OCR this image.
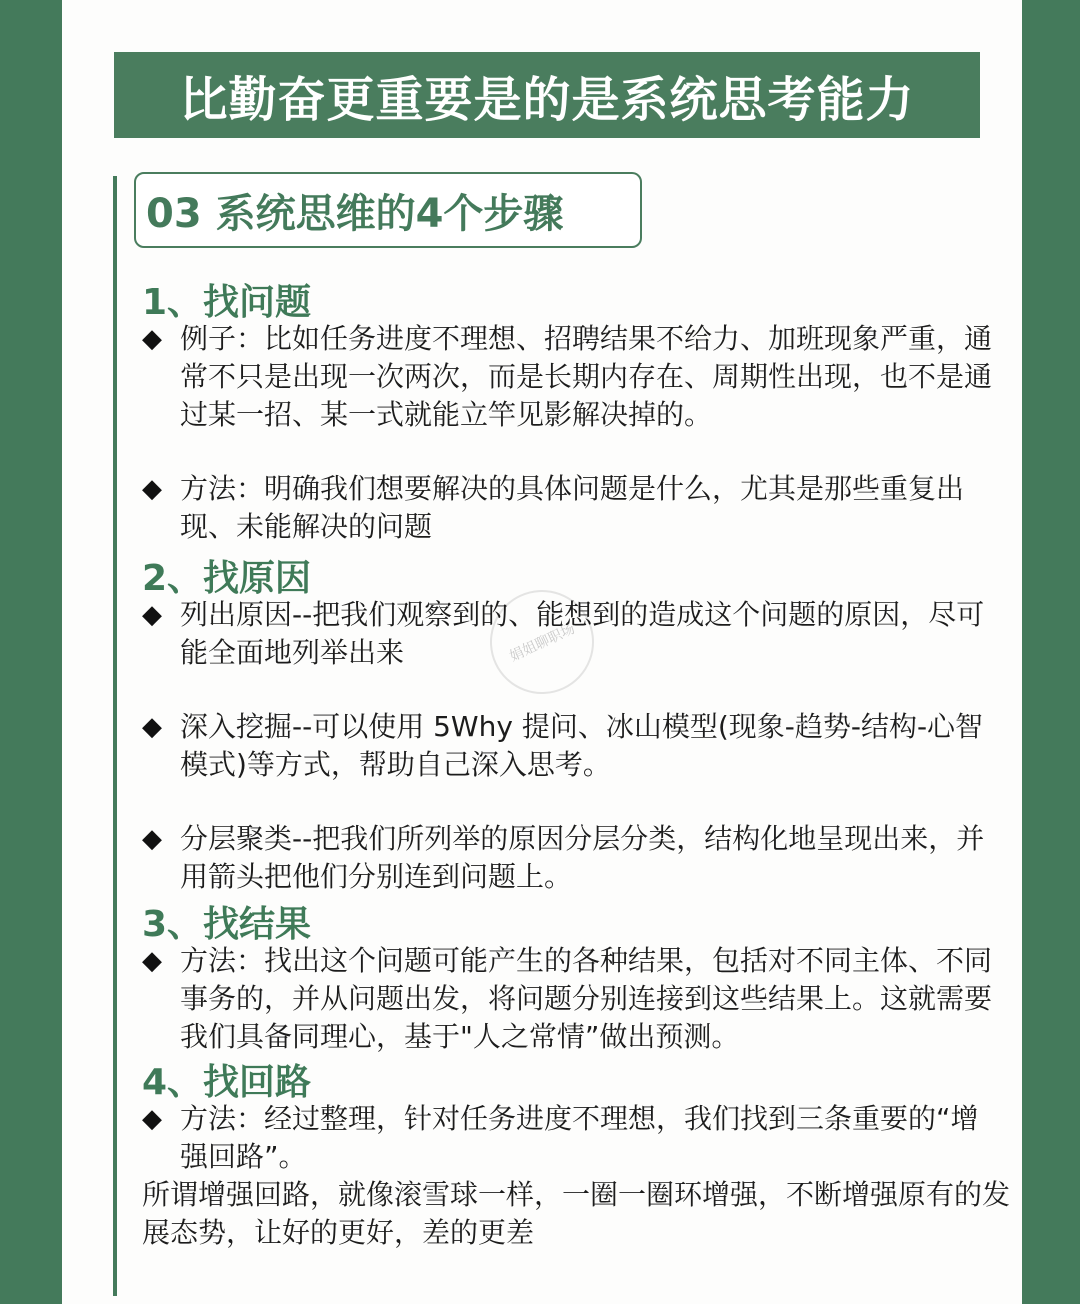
比勤奋更重要是的是系统思考能力
03 系统思维的4个步骤
娟姐聊职场
1、找问题
◆ 例子：比如任务进度不理想、招聘结果不给力、加班现象严重，通常不只是出现一次两次，而是长期内存在、周期性出现，也不是通过某一招、某一式就能立竿见影解决掉的。
◆ 方法：明确我们想要解决的具体问题是什么，尤其是那些重复出现、未能解决的问题
2、找原因
◆ 列出原因--把我们观察到的、能想到的造成这个问题的原因，尽可能全面地列举出来
◆ 深入挖掘--可以使用 5Why 提问、冰山模型(现象-趋势-结构-心智模式)等方式，帮助自己深入思考。
◆ 分层聚类--把我们所列举的原因分层分类，结构化地呈现出来，并用箭头把他们分别连到问题上。
3、找结果
◆ 方法：找出这个问题可能产生的各种结果，包括对不同主体、不同事务的，并从问题出发，将问题分别连接到这些结果上。这就需要我们具备同理心，基于"人之常情”做出预测。
4、找回路
◆ 方法：经过整理，针对任务进度不理想，我们找到三条重要的“增 强回路”。
所谓增强回路，就像滚雪球一样，一圈一圈环增强，不断增强原有的发展态势，让好的更好，差的更差
